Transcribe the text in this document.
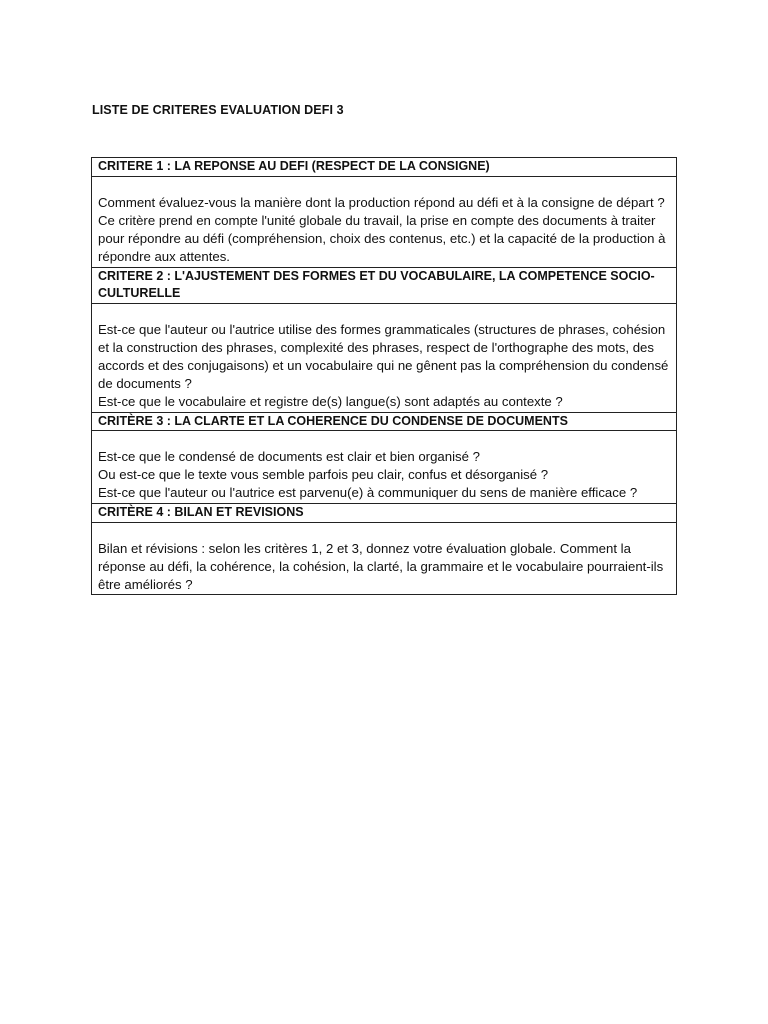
LISTE DE CRITERES EVALUATION DEFI 3
CRITERE 1 : LA REPONSE AU DEFI (RESPECT DE LA CONSIGNE)

Comment évaluez-vous la manière dont la production répond au défi et à la consigne de départ ?

Ce critère prend en compte l'unité globale du travail, la prise en compte des documents à traiter pour répondre au défi (compréhension, choix des contenus, etc.) et la capacité de la production à répondre aux attentes.

CRITERE 2 : L'AJUSTEMENT DES FORMES ET DU VOCABULAIRE, LA COMPETENCE SOCIO-CULTURELLE

Est-ce que l'auteur ou l'autrice utilise des formes grammaticales (structures de phrases, cohésion et la construction des phrases, complexité des phrases, respect de l'orthographe des mots, des accords et des conjugaisons) et un vocabulaire qui ne gênent pas la compréhension du condensé de documents ?

Est-ce que le vocabulaire et registre de(s) langue(s) sont adaptés au contexte ?

CRITÈRE 3 : LA CLARTE ET LA COHERENCE DU CONDENSE DE DOCUMENTS

Est-ce que le condensé de documents est clair et bien organisé ?

Ou est-ce que le texte vous semble parfois peu clair, confus et désorganisé ?

Est-ce que l'auteur ou l'autrice est parvenu(e) à communiquer du sens de manière efficace ?

CRITÈRE 4 : BILAN ET REVISIONS

Bilan et révisions : selon les critères 1, 2 et 3, donnez votre évaluation globale. Comment la réponse au défi, la cohérence, la cohésion, la clarté, la grammaire et le vocabulaire pourraient-ils être améliorés ?
